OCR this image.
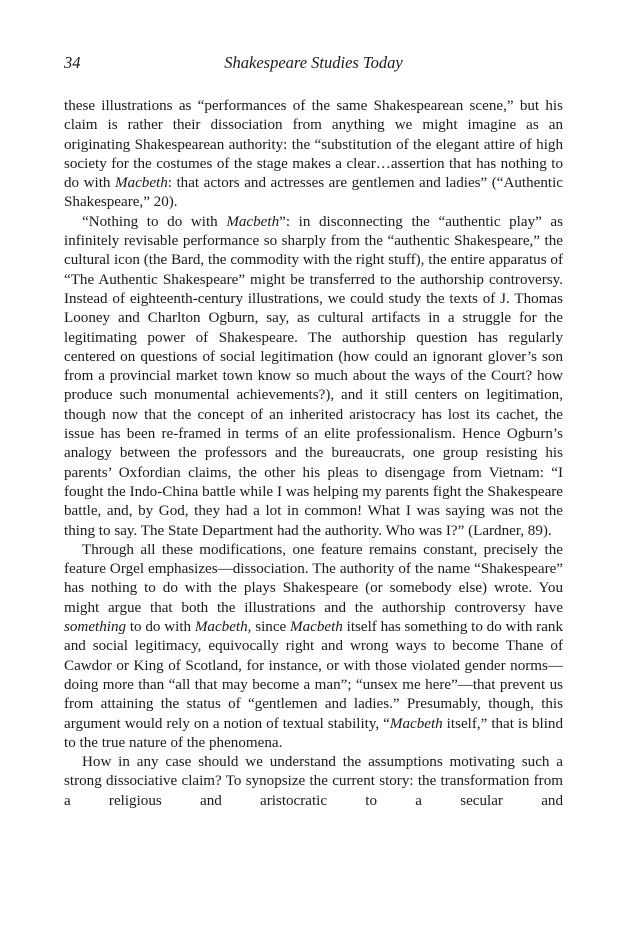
34	Shakespeare Studies Today

these illustrations as “performances of the same Shakespearean scene,” but his claim is rather their dissociation from anything we might imagine as an originating Shakespearean authority: the “substitution of the elegant attire of high society for the costumes of the stage makes a clear…assertion that has nothing to do with Macbeth: that actors and actresses are gentlemen and ladies” (“Authentic Shakespeare,” 20).

“Nothing to do with Macbeth”: in disconnecting the “authentic play” as infinitely revisable performance so sharply from the “authentic Shakespeare,” the cultural icon (the Bard, the commodity with the right stuff), the entire apparatus of “The Authentic Shakespeare” might be transferred to the authorship controversy. Instead of eighteenth-century illustrations, we could study the texts of J. Thomas Looney and Charlton Ogburn, say, as cultural artifacts in a struggle for the legitimating power of Shakespeare. The authorship question has regularly centered on questions of social legitimation (how could an ignorant glover’s son from a provincial market town know so much about the ways of the Court? how produce such monumental achievements?), and it still centers on legitimation, though now that the concept of an inherited aristocracy has lost its cachet, the issue has been re-framed in terms of an elite professionalism. Hence Ogburn’s analogy between the professors and the bureaucrats, one group resisting his parents’ Oxfordian claims, the other his pleas to disengage from Vietnam: “I fought the Indo-China battle while I was helping my parents fight the Shakespeare battle, and, by God, they had a lot in common! What I was saying was not the thing to say. The State Department had the authority. Who was I?” (Lardner, 89).

Through all these modifications, one feature remains constant, precisely the feature Orgel emphasizes—dissociation. The authority of the name “Shakespeare” has nothing to do with the plays Shakespeare (or somebody else) wrote. You might argue that both the illustrations and the authorship controversy have something to do with Macbeth, since Macbeth itself has something to do with rank and social legitimacy, equivocally right and wrong ways to become Thane of Cawdor or King of Scotland, for instance, or with those violated gender norms—doing more than “all that may become a man”; “unsex me here”—that prevent us from attaining the status of “gentlemen and ladies.” Presumably, though, this argument would rely on a notion of textual stability, “Macbeth itself,” that is blind to the true nature of the phenomena.

How in any case should we understand the assumptions motivating such a strong dissociative claim? To synopsize the current story: the transformation from a religious and aristocratic to a secular and
